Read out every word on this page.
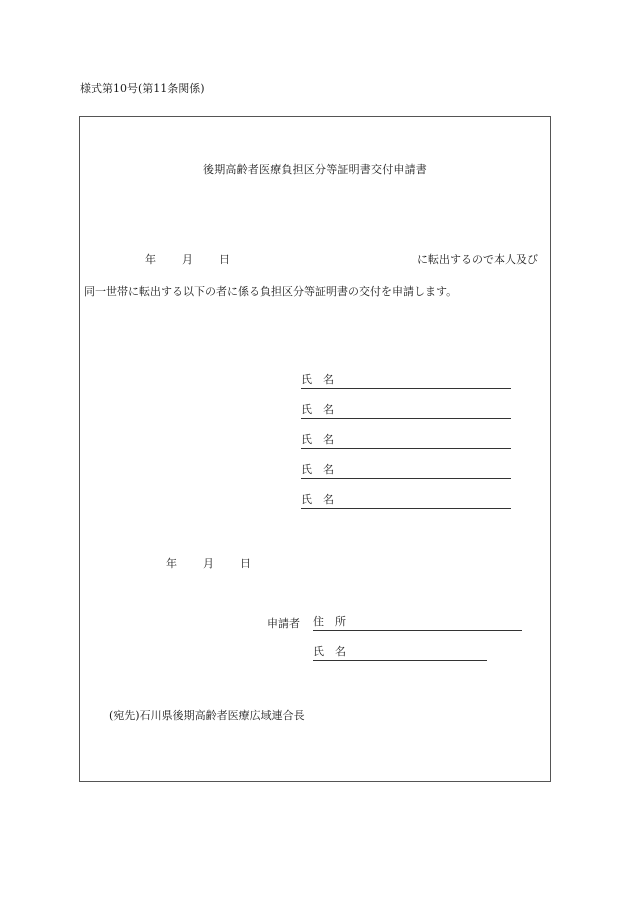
様式第10号(第11条関係)
後期高齢者医療負担区分等証明書交付申請書
年 月 日	に転出するので本人及び
同一世帯に転出する以下の者に係る負担区分等証明書の交付を申請します。
氏名
氏名
氏名
氏名
氏名
年 月 日
申請者 住所
氏名
(宛先)石川県後期高齢者医療広域連合長
